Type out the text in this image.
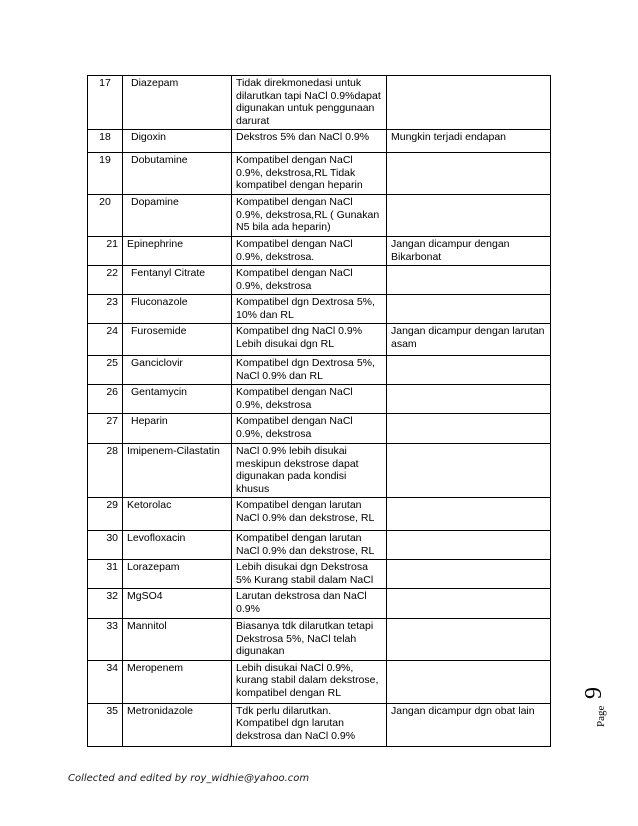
17	Diazepam	Tidak direkmonedasi untuk
dilarutkan tapi NaCl 0.9%dapat
digunakan untuk penggunaan
darurat	
18	Digoxin	Dekstros 5% dan NaCl 0.9%	Mungkin terjadi endapan
19	Dobutamine	Kompatibel dengan NaCl
0.9%, dekstrosa,RL Tidak
kompatibel dengan heparin	
20	Dopamine	Kompatibel dengan NaCl
0.9%, dekstrosa,RL ( Gunakan
N5 bila ada heparin)	
21	Epinephrine	Kompatibel dengan NaCl
0.9%, dekstrosa.	Jangan dicampur dengan
Bikarbonat
22	Fentanyl Citrate	Kompatibel dengan NaCl
0.9%, dekstrosa	
23	Fluconazole	Kompatibel dgn Dextrosa 5%,
10% dan RL	
24	Furosemide	Kompatibel dng NaCl 0.9%
Lebih disukai dgn RL	Jangan dicampur dengan larutan
asam
25	Ganciclovir	Kompatibel dgn Dextrosa 5%,
NaCl 0.9% dan RL	
26	Gentamycin	Kompatibel dengan NaCl
0.9%, dekstrosa	
27	Heparin	Kompatibel dengan NaCl
0.9%, dekstrosa	
28	Imipenem-Cilastatin	NaCl 0.9% lebih disukai
meskipun dekstrose dapat
digunakan pada kondisi
khusus	
29	Ketorolac	Kompatibel dengan larutan
NaCl 0.9% dan dekstrose, RL	
30	Levofloxacin	Kompatibel dengan larutan
NaCl 0.9% dan dekstrose, RL	
31	Lorazepam	Lebih disukai dgn Dekstrosa
5% Kurang stabil dalam NaCl	
32	MgSO4	Larutan dekstrosa dan NaCl
0.9%	
33	Mannitol	Biasanya tdk dilarutkan tetapi
Dekstrosa 5%, NaCl telah
digunakan	
34	Meropenem	Lebih disukai NaCl 0.9%,
kurang stabil dalam dekstrose,
kompatibel dengan RL	
35	Metronidazole	Tdk perlu dilarutkan.
Kompatibel dgn larutan
dekstrosa dan NaCl 0.9%	Jangan dicampur dgn obat lain	Page
9
Collected and edited by roy_widhie@yahoo.com
